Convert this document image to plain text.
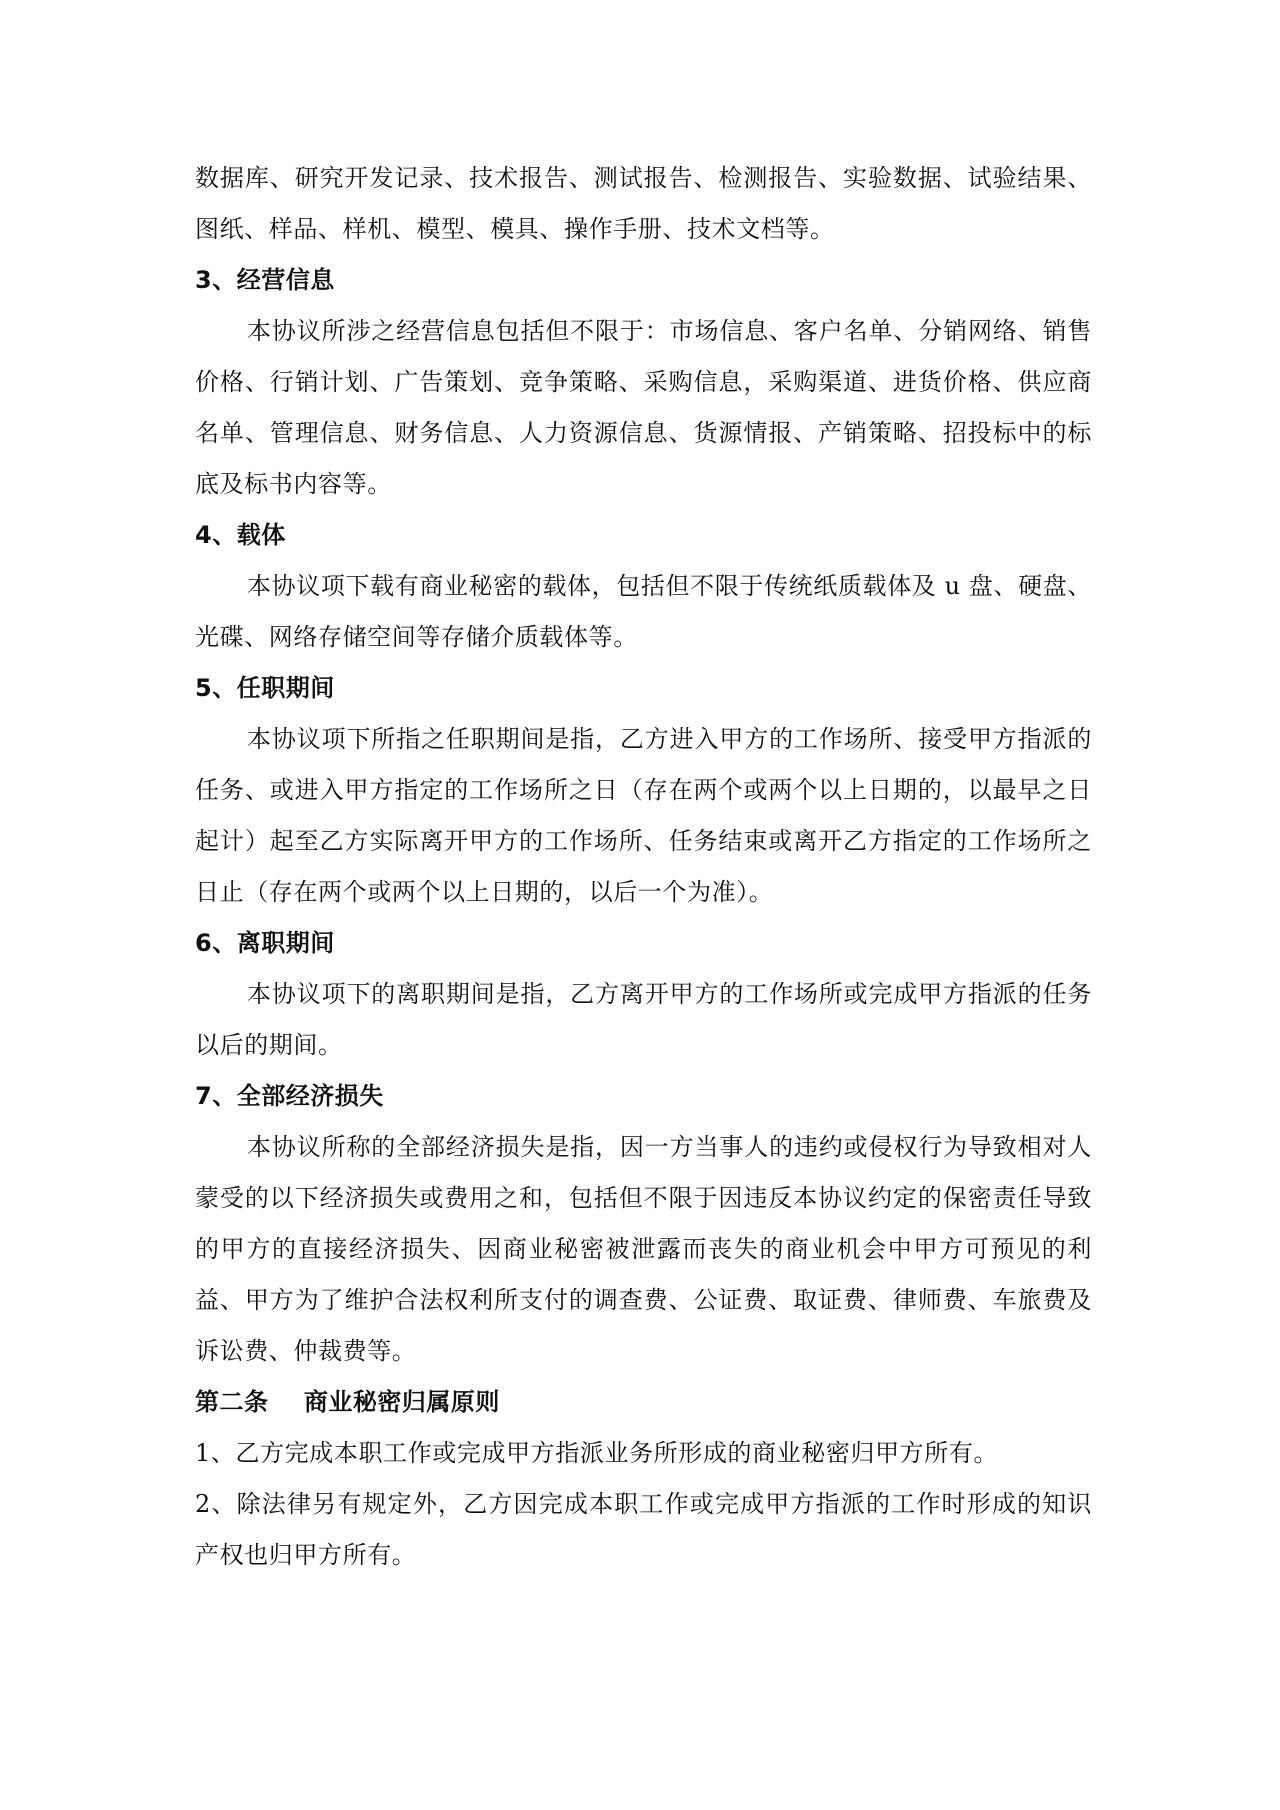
数据库、研究开发记录、技术报告、测试报告、检测报告、实验数据、试验结果、图纸、样品、样机、模型、模具、操作手册、技术文档等。

3、经营信息

本协议所涉之经营信息包括但不限于：市场信息、客户名单、分销网络、销售价格、行销计划、广告策划、竞争策略、采购信息，采购渠道、进货价格、供应商名单、管理信息、财务信息、人力资源信息、货源情报、产销策略、招投标中的标底及标书内容等。

4、载体

本协议项下载有商业秘密的载体，包括但不限于传统纸质载体及 u 盘、硬盘、光碟、网络存储空间等存储介质载体等。

5、任职期间

本协议项下所指之任职期间是指，乙方进入甲方的工作场所、接受甲方指派的任务、或进入甲方指定的工作场所之日（存在两个或两个以上日期的，以最早之日起计）起至乙方实际离开甲方的工作场所、任务结束或离开乙方指定的工作场所之日止（存在两个或两个以上日期的，以后一个为准）。

6、离职期间

本协议项下的离职期间是指，乙方离开甲方的工作场所或完成甲方指派的任务以后的期间。

7、全部经济损失

本协议所称的全部经济损失是指，因一方当事人的违约或侵权行为导致相对人蒙受的以下经济损失或费用之和，包括但不限于因违反本协议约定的保密责任导致的甲方的直接经济损失、因商业秘密被泄露而丧失的商业机会中甲方可预见的利益、甲方为了维护合法权利所支付的调查费、公证费、取证费、律师费、车旅费及诉讼费、仲裁费等。

第二条    商业秘密归属原则

1、乙方完成本职工作或完成甲方指派业务所形成的商业秘密归甲方所有。

2、除法律另有规定外，乙方因完成本职工作或完成甲方指派的工作时形成的知识产权也归甲方所有。
